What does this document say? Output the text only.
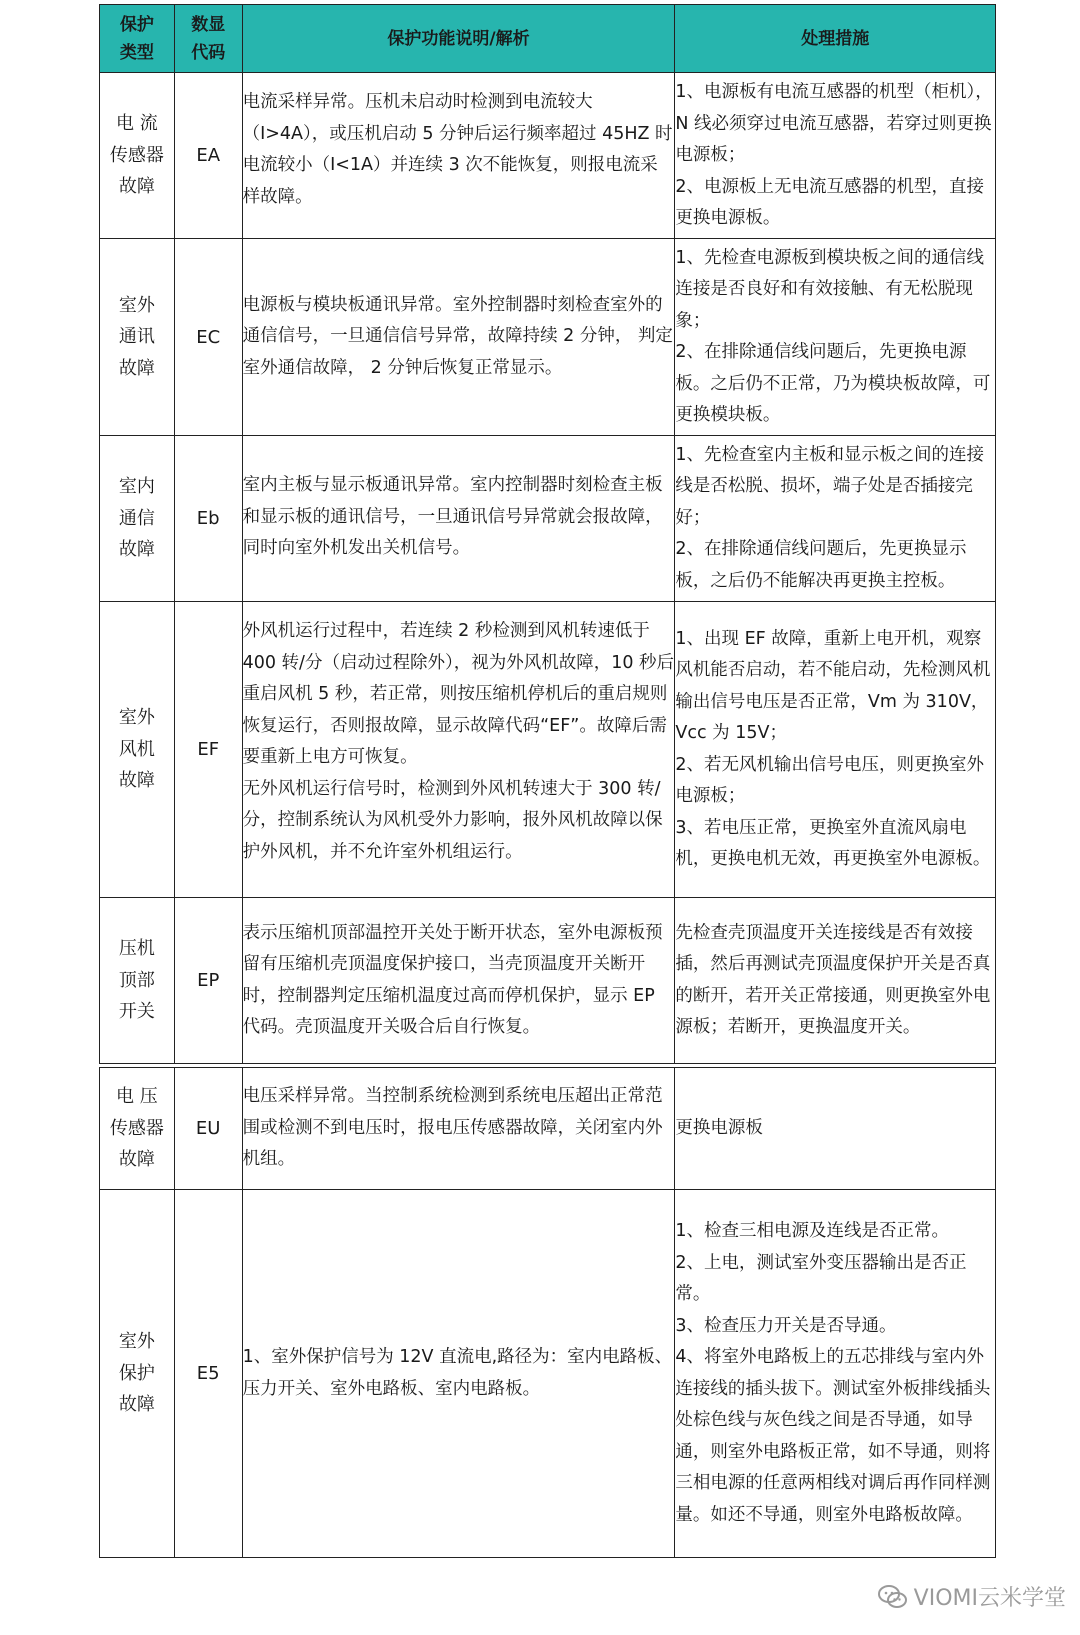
保护
类型	数显
代码	保护功能说明/解析	处理措施
电 流
传感器
故障	EA	电流采样异常。压机未启动时检测到电流较大（I>4A），或压机启动 5 分钟后运行频率超过 45HZ 时电流较小（I<1A）并连续 3 次不能恢复，则报电流采样故障。	1、电源板有电流互感器的机型（柜机），N 线必须穿过电流互感器，若穿过则更换电源板；
2、电源板上无电流互感器的机型，直接更换电源板。
室外
通讯
故障	EC	电源板与模块板通讯异常。室外控制器时刻检查室外的通信信号，一旦通信信号异常，故障持续 2 分钟， 判定室外通信故障， 2 分钟后恢复正常显示。	1、先检查电源板到模块板之间的通信线连接是否良好和有效接触、有无松脱现象；
2、在排除通信线问题后，先更换电源板。之后仍不正常，乃为模块板故障，可更换模块板。
室内
通信
故障	Eb	室内主板与显示板通讯异常。室内控制器时刻检查主板和显示板的通讯信号，一旦通讯信号异常就会报故障，同时向室外机发出关机信号。	1、先检查室内主板和显示板之间的连接线是否松脱、损坏，端子处是否插接完好；
2、在排除通信线问题后，先更换显示板，之后仍不能解决再更换主控板。
室外
风机
故障	EF	外风机运行过程中，若连续 2 秒检测到风机转速低于 400 转/分（启动过程除外），视为外风机故障，10 秒后重启风机 5 秒，若正常，则按压缩机停机后的重启规则恢复运行，否则报故障，显示故障代码“EF”。故障后需要重新上电方可恢复。
无外风机运行信号时，检测到外风机转速大于 300 转/分，控制系统认为风机受外力影响，报外风机故障以保护外风机，并不允许室外机组运行。	1、出现 EF 故障，重新上电开机，观察风机能否启动，若不能启动，先检测风机输出信号电压是否正常，Vm 为 310V，Vcc 为 15V；
2、若无风机输出信号电压，则更换室外电源板；
3、若电压正常，更换室外直流风扇电机，更换电机无效，再更换室外电源板。
压机
顶部
开关	EP	表示压缩机顶部温控开关处于断开状态，室外电源板预留有压缩机壳顶温度保护接口，当壳顶温度开关断开时，控制器判定压缩机温度过高而停机保护，显示 EP 代码。壳顶温度开关吸合后自行恢复。	先检查壳顶温度开关连接线是否有效接插，然后再测试壳顶温度保护开关是否真的断开，若开关正常接通，则更换室外电源板；若断开，更换温度开关。

电 压
传感器
故障	EU	电压采样异常。当控制系统检测到系统电压超出正常范围或检测不到电压时，报电压传感器故障，关闭室内外机组。	更换电源板
室外
保护
故障	E5	1、室外保护信号为 12V 直流电,路径为：室内电路板、压力开关、室外电路板、室内电路板。	1、检查三相电源及连线是否正常。
2、上电，测试室外变压器输出是否正常。
3、检查压力开关是否导通。
4、将室外电路板上的五芯排线与室内外连接线的插头拔下。测试室外板排线插头处棕色线与灰色线之间是否导通，如导通，则室外电路板正常，如不导通，则将三相电源的任意两相线对调后再作同样测量。如还不导通，则室外电路板故障。
VIOMI云米学堂
